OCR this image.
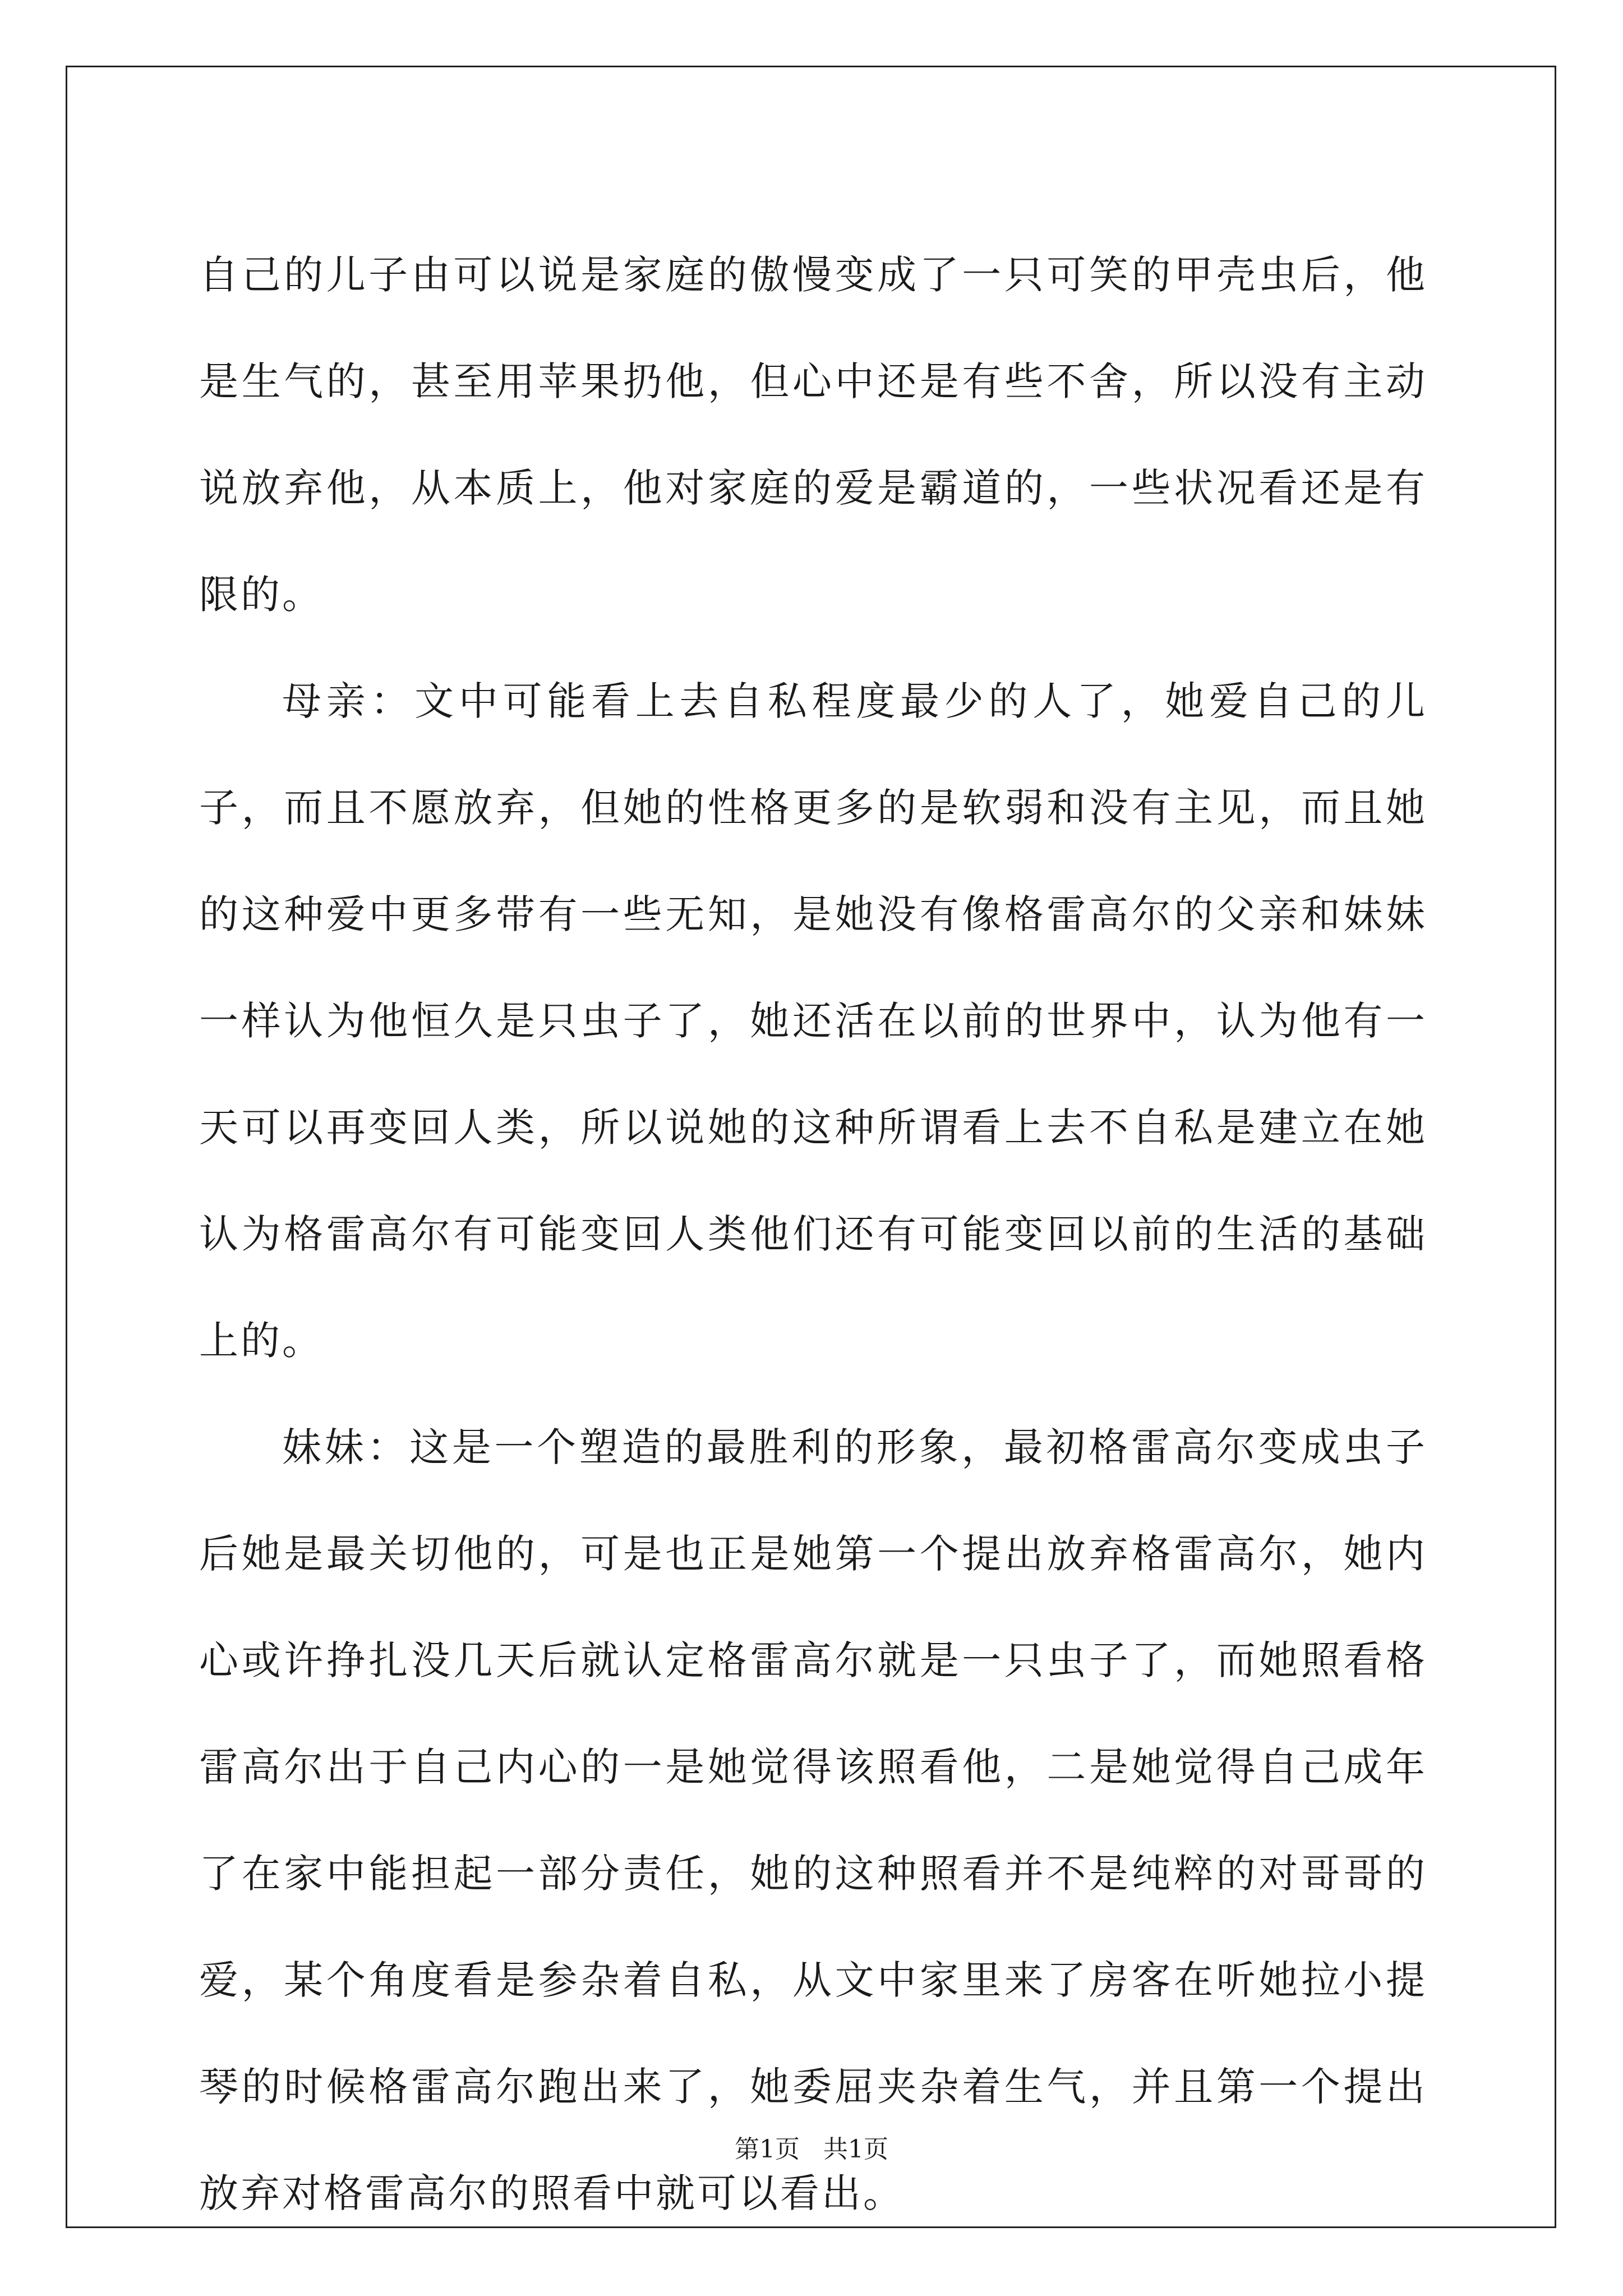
自己的儿子由可以说是家庭的傲慢变成了一只可笑的甲壳虫后，他是生气的，甚至用苹果扔他，但心中还是有些不舍，所以没有主动说放弃他，从本质上，他对家庭的爱是霸道的，一些状况看还是有限的。

母亲：文中可能看上去自私程度最少的人了，她爱自己的儿子，而且不愿放弃，但她的性格更多的是软弱和没有主见，而且她的这种爱中更多带有一些无知，是她没有像格雷高尔的父亲和妹妹一样认为他恒久是只虫子了，她还活在以前的世界中，认为他有一天可以再变回人类，所以说她的这种所谓看上去不自私是建立在她认为格雷高尔有可能变回人类他们还有可能变回以前的生活的基础上的。

妹妹：这是一个塑造的最胜利的形象，最初格雷高尔变成虫子后她是最关切他的，可是也正是她第一个提出放弃格雷高尔，她内心或许挣扎没几天后就认定格雷高尔就是一只虫子了，而她照看格雷高尔出于自己内心的一是她觉得该照看他，二是她觉得自己成年了在家中能担起一部分责任，她的这种照看并不是纯粹的对哥哥的爱，某个角度看是参杂着自私，从文中家里来了房客在听她拉小提琴的时候格雷高尔跑出来了，她委屈夹杂着生气，并且第一个提出放弃对格雷高尔的照看中就可以看出。

第1页   共1页
